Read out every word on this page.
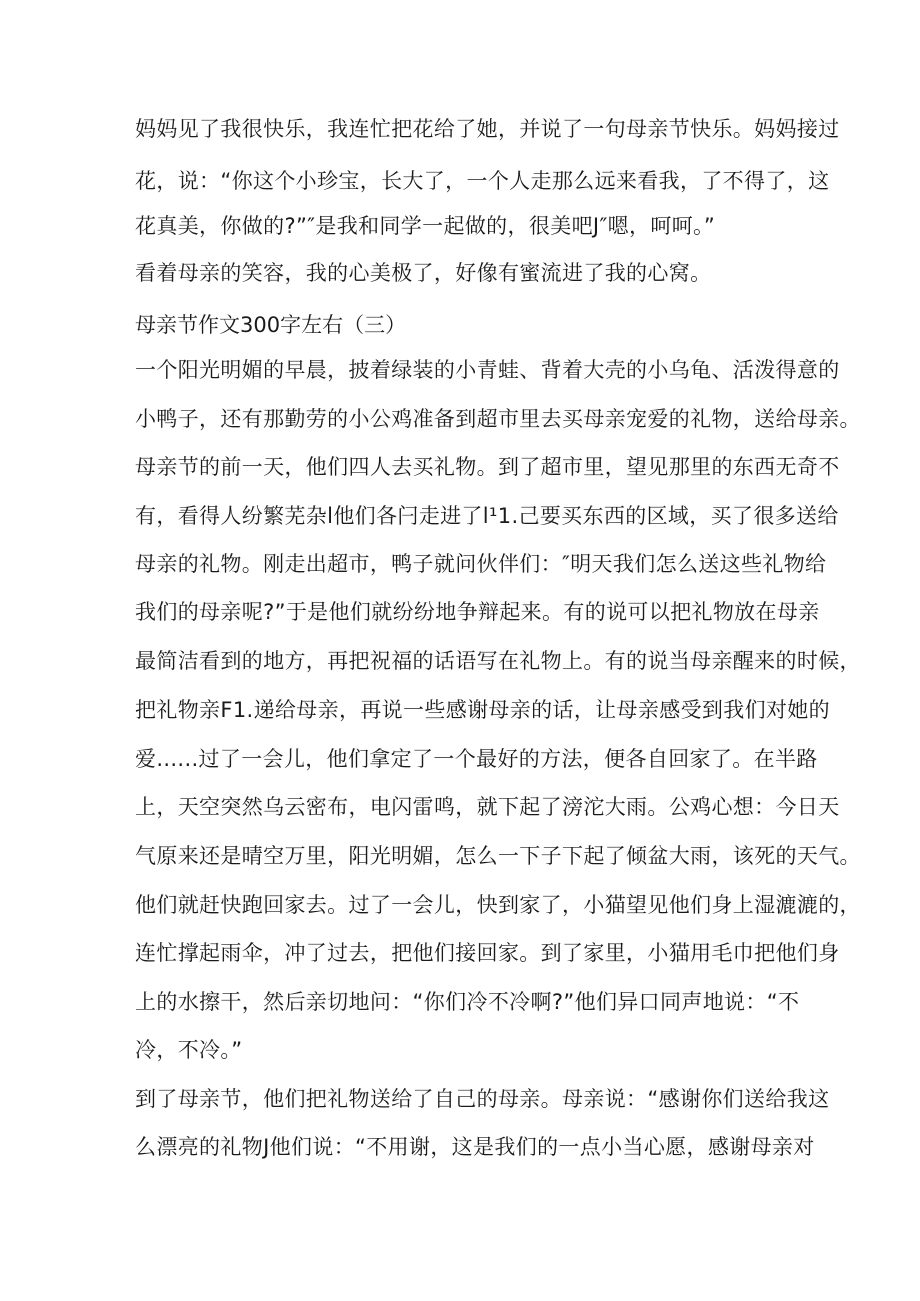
妈妈见了我很快乐，我连忙把花给了她，并说了一句母亲节快乐。妈妈接过
花，说：“你这个小珍宝，长大了，一个人走那么远来看我，了不得了，这
花真美，你做的?”″是我和同学一起做的，很美吧J″嗯，呵呵。”
看着母亲的笑容，我的心美极了，好像有蜜流进了我的心窝。
母亲节作文300字左右（三）
一个阳光明媚的早晨，披着绿装的小青蛙、背着大壳的小乌龟、活泼得意的
小鸭子，还有那勤劳的小公鸡准备到超市里去买母亲宠爱的礼物，送给母亲。
母亲节的前一天，他们四人去买礼物。到了超市里，望见那里的东西无奇不
有，看得人纷繁芜杂l他们各闩走进了l¹1.己要买东西的区域，买了很多送给
母亲的礼物。刚走出超市，鸭子就问伙伴们：″明天我们怎么送这些礼物给
我们的母亲呢?”于是他们就纷纷地争辩起来。有的说可以把礼物放在母亲
最简洁看到的地方，再把祝福的话语写在礼物上。有的说当母亲醒来的时候，
把礼物亲F1.递给母亲，再说一些感谢母亲的话，让母亲感受到我们对她的
爱......过了一会儿，他们拿定了一个最好的方法，便各自回家了。在半路
上，天空突然乌云密布，电闪雷鸣，就下起了滂沱大雨。公鸡心想：今日天
气原来还是晴空万里，阳光明媚，怎么一下子下起了倾盆大雨，该死的天气。
他们就赶快跑回家去。过了一会儿，快到家了，小猫望见他们身上湿漉漉的，
连忙撑起雨伞，冲了过去，把他们接回家。到了家里，小猫用毛巾把他们身
上的水擦干，然后亲切地问：“你们冷不冷啊?”他们异口同声地说：“不
冷，不冷。”
到了母亲节，他们把礼物送给了自己的母亲。母亲说：“感谢你们送给我这
么漂亮的礼物J他们说：“不用谢，这是我们的一点小当心愿，感谢母亲对
